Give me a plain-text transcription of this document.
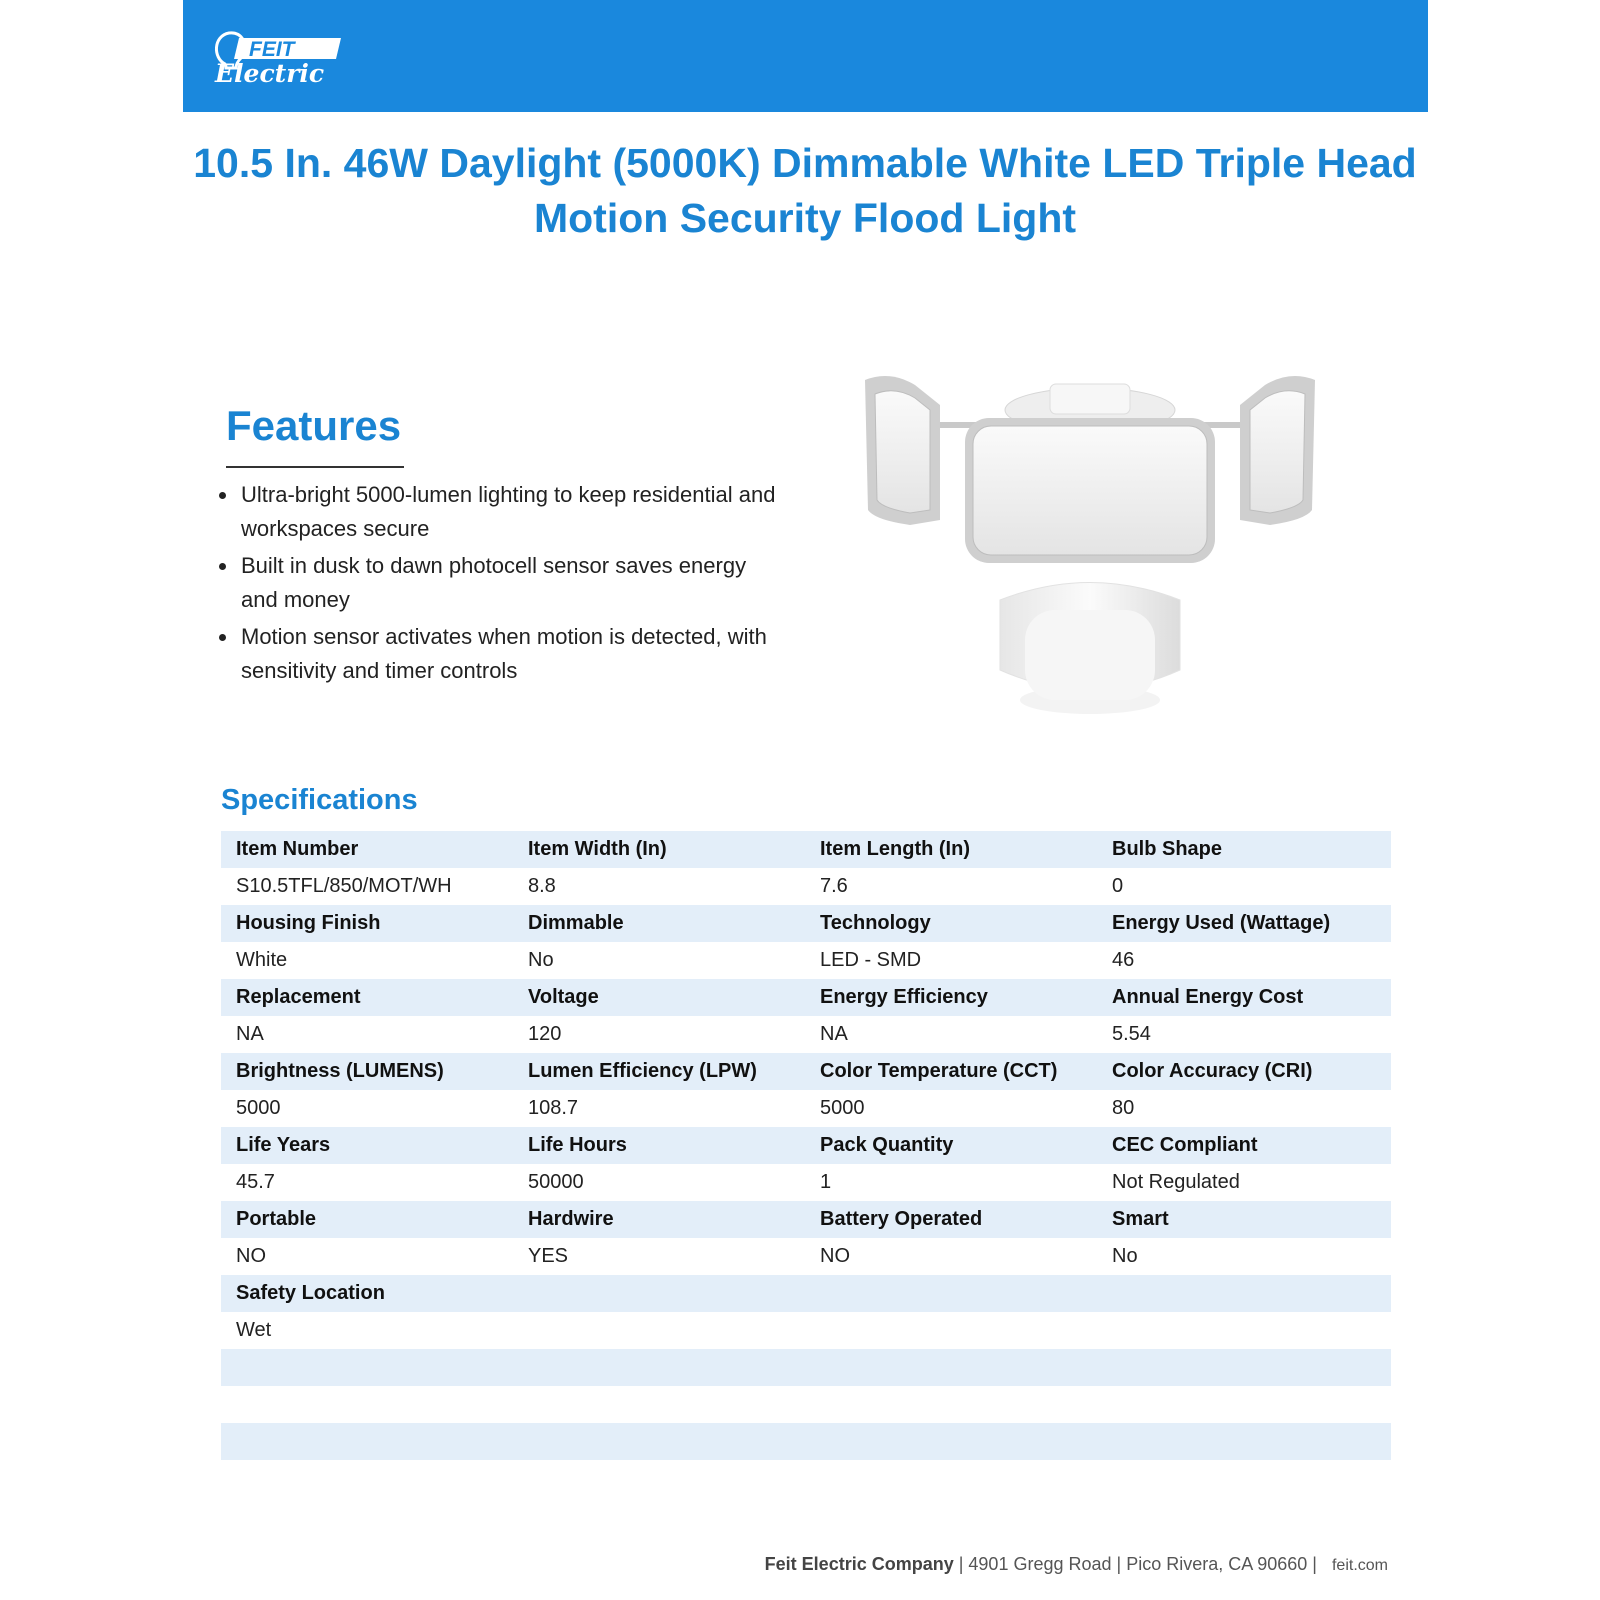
FEIT
Electric
10.5 In. 46W Daylight (5000K) Dimmable White LED Triple Head Motion Security Flood Light
Features
• Ultra-bright 5000-lumen lighting to keep residential and workspaces secure
• Built in dusk to dawn photocell sensor saves energy and money
• Motion sensor activates when motion is detected, with sensitivity and timer controls
Specifications
Item Number	Item Width (In)	Item Length (In)	Bulb Shape
S10.5TFL/850/MOT/WH	8.8	7.6	0
Housing Finish	Dimmable	Technology	Energy Used (Wattage)
White	No	LED - SMD	46
Replacement	Voltage	Energy Efficiency	Annual Energy Cost
NA	120	NA	5.54
Brightness (LUMENS)	Lumen Efficiency (LPW)	Color Temperature (CCT)	Color Accuracy (CRI)
5000	108.7	5000	80
Life Years	Life Hours	Pack Quantity	CEC Compliant
45.7	50000	1	Not Regulated
Portable	Hardwire	Battery Operated	Smart
NO	YES	NO	No
Safety Location			
Wet			

Feit Electric Company | 4901 Gregg Road | Pico Rivera, CA 90660 | feit.com
